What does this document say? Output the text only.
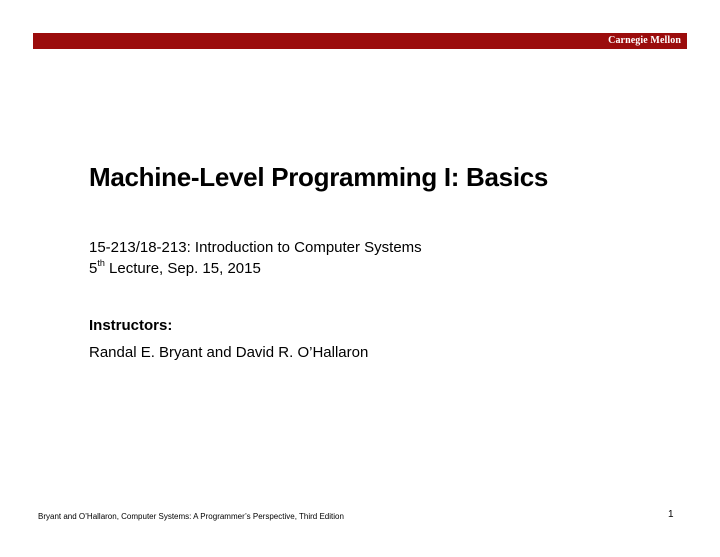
Carnegie Mellon
Machine-Level Programming I: Basics
15-213/18-213: Introduction to Computer Systems
5th Lecture, Sep. 15, 2015
Instructors:
Randal E. Bryant and David R. O’Hallaron
Bryant and O’Hallaron, Computer Systems: A Programmer’s Perspective, Third Edition	1
